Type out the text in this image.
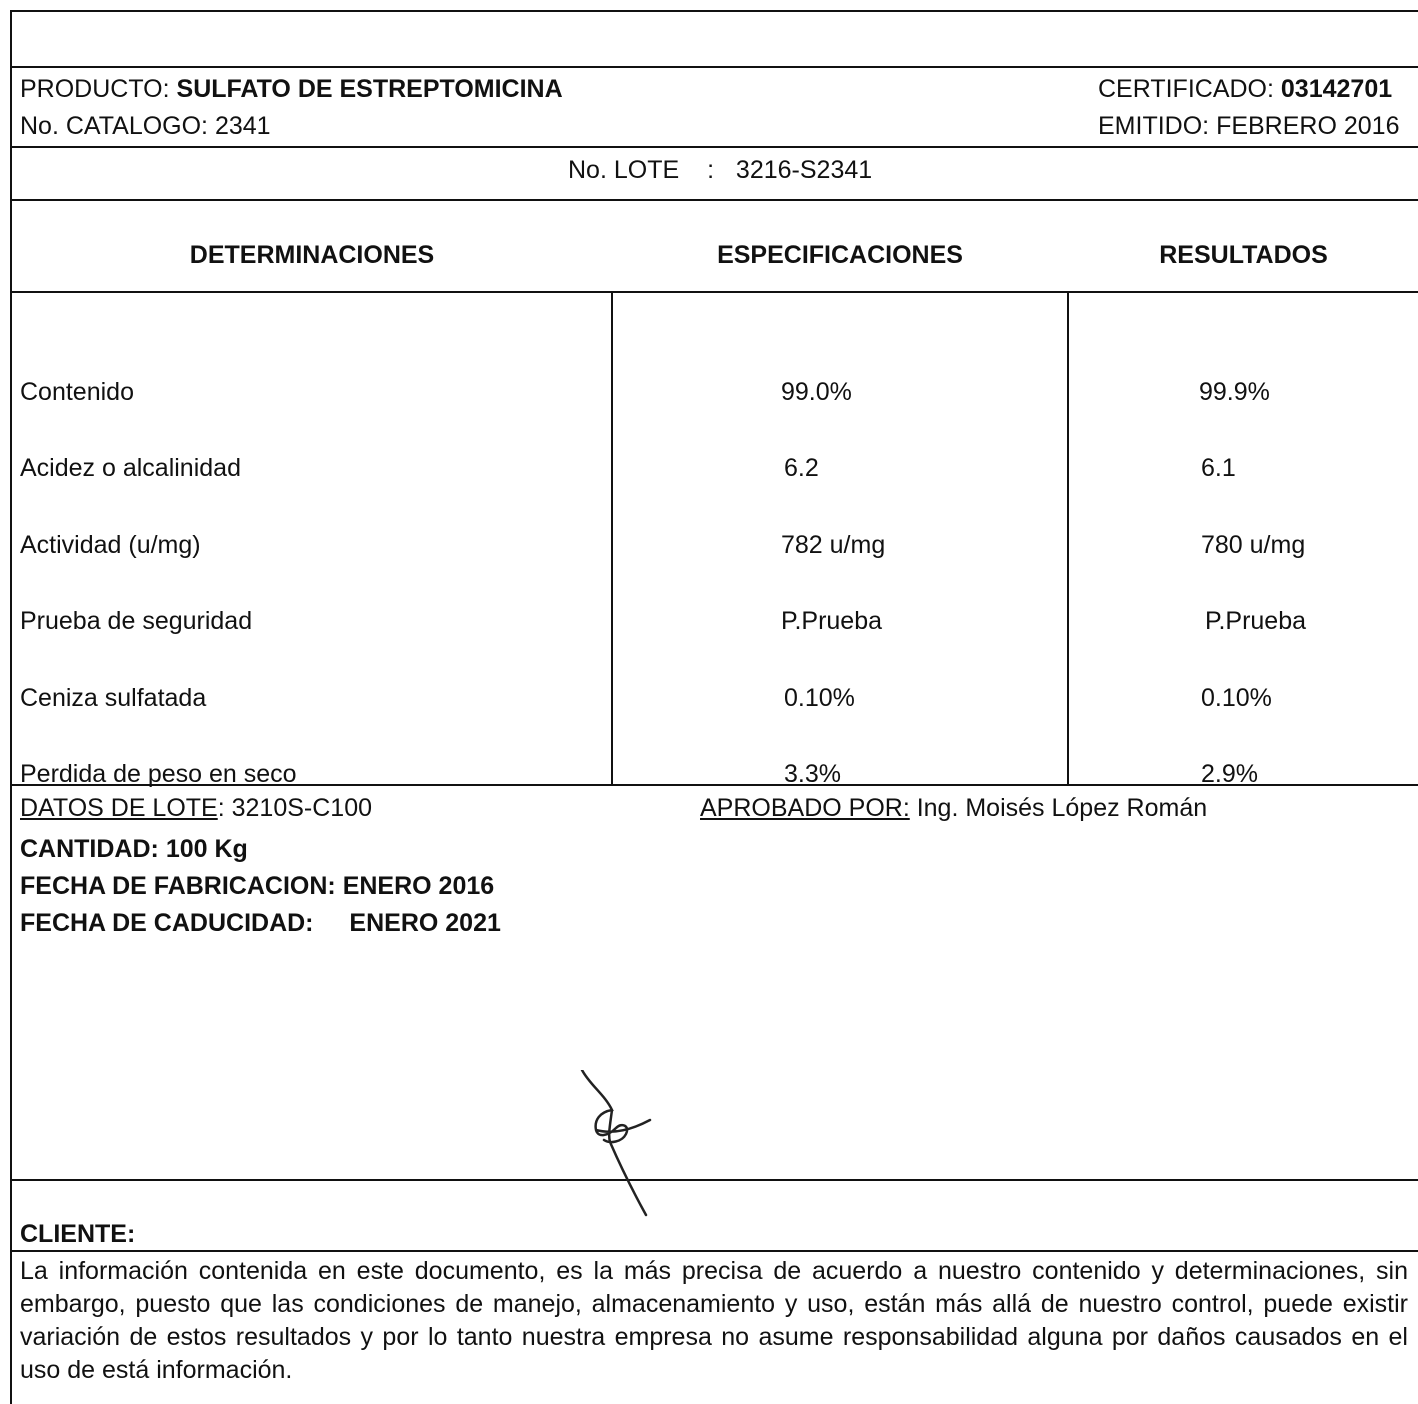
PRODUCTO: SULFATO DE ESTREPTOMICINA
No. CATALOGO: 2341
CERTIFICADO: 03142701
EMITIDO: FEBRERO 2016
No. LOTE : 3216-S2341
DETERMINACIONES	ESPECIFICACIONES	RESULTADOS
Contenido	99.0%	99.9%
Acidez o alcalinidad	6.2	6.1
Actividad (u/mg)	782 u/mg	780 u/mg
Prueba de seguridad	P.Prueba	P.Prueba
Ceniza sulfatada	0.10%	0.10%
Perdida de peso en seco	3.3%	2.9%
DATOS DE LOTE: 3210S-C100
CANTIDAD: 100 Kg
FECHA DE FABRICACION: ENERO 2016
FECHA DE CADUCIDAD: ENERO 2021
APROBADO POR: Ing. Moisés López Román
CLIENTE:
La información contenida en este documento, es la más precisa de acuerdo a nuestro contenido y determinaciones, sin embargo, puesto que las condiciones de manejo, almacenamiento y uso, están más allá de nuestro control, puede existir variación de estos resultados y por lo tanto nuestra empresa no asume responsabilidad alguna por daños causados en el uso de está información.
